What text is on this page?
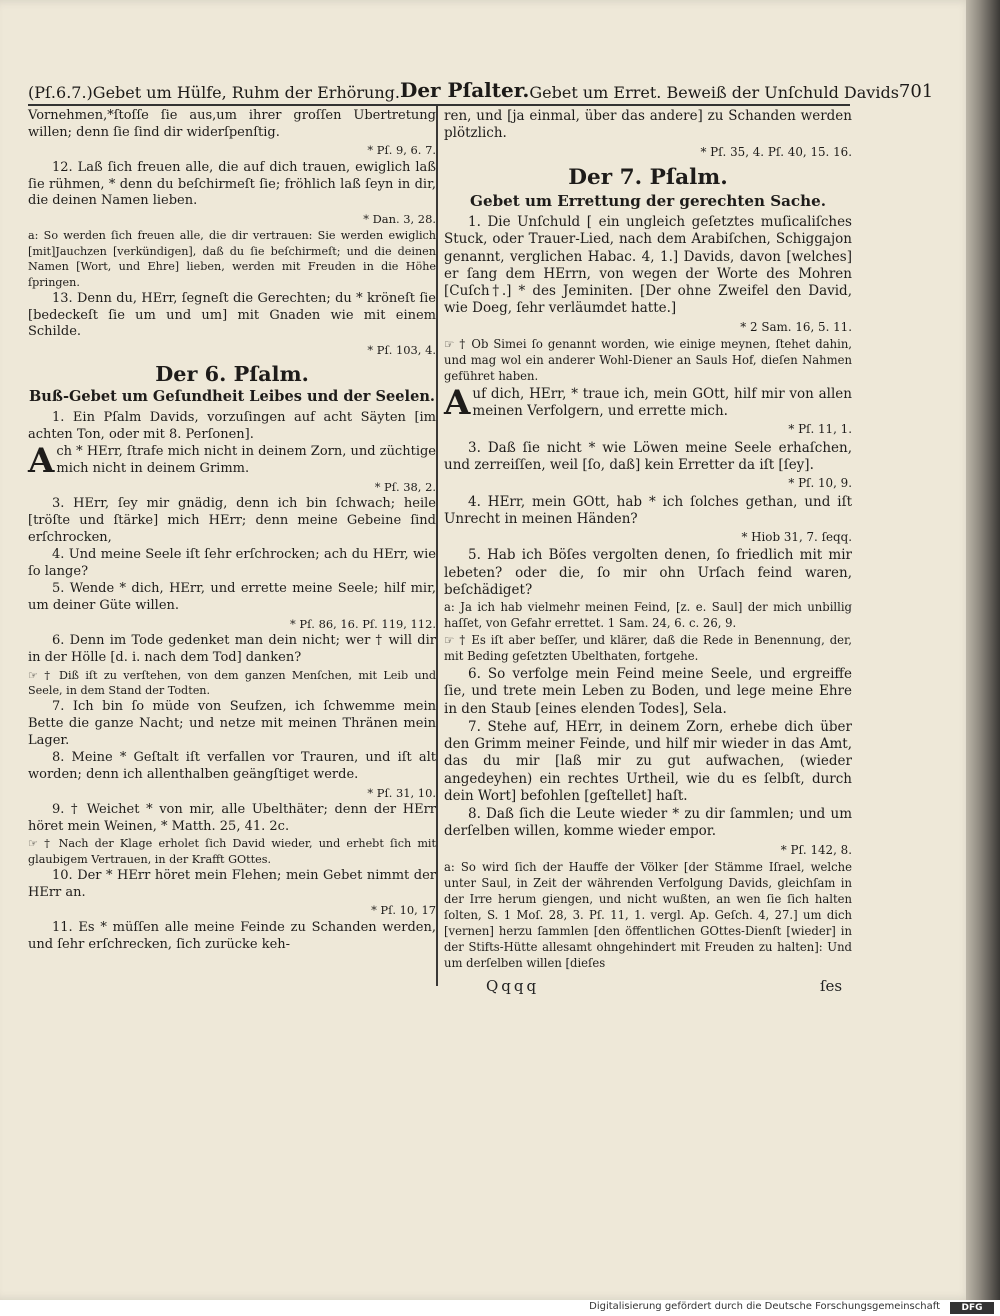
(Pſ.6.7.)Gebet um Hülfe, Ruhm der Erhörung. Der Pſalter. Gebet um Erret. Beweiß der Unſchuld Davids 701

Vornehmen,*ſtoſſe ſie aus,um ihrer groſſen Ubertretung willen; denn ſie ſind dir widerſpenſtig.

* Pſ. 9, 6. 7.

12. Laß ſich freuen alle, die auf dich trauen, ewiglich laß ſie rühmen, * denn du beſchirmeſt ſie; fröhlich laß ſeyn in dir, die deinen Namen lieben.

* Dan. 3, 28.

a: So werden ſich freuen alle, die dir vertrauen: Sie werden ewiglich [mit]Jauchzen [verkündigen], daß du ſie beſchirmeſt; und die deinen Namen [Wort, und Ehre] lieben, werden mit Freuden in die Höhe ſpringen.

13. Denn du, HErr, ſegneſt die Gerechten; du * kröneſt ſie [bedeckeſt ſie um und um] mit Gnaden wie mit einem Schilde.

* Pſ. 103, 4.

Der 6. Pſalm.
Buß-Gebet um Geſundheit Leibes und der Seelen.

1. Ein Pſalm Davids, vorzuſingen auf acht Säyten [im achten Ton, oder mit 8. Perſonen].

Ach * HErr, ſtrafe mich nicht in deinem Zorn, und züchtige mich nicht in deinem Grimm.

* Pſ. 38, 2.

3. HErr, ſey mir gnädig, denn ich bin ſchwach; heile [tröſte und ſtärke] mich HErr; denn meine Gebeine ſind erſchrocken,

4. Und meine Seele iſt ſehr erſchrocken; ach du HErr, wie ſo lange?

5. Wende * dich, HErr, und errette meine Seele; hilf mir, um deiner Güte willen.

* Pſ. 86, 16. Pſ. 119, 112.

6. Denn im Tode gedenket man dein nicht; wer † will dir in der Hölle [d. i. nach dem Tod] danken?

☞ † Diß iſt zu verſtehen, von dem ganzen Menſchen, mit Leib und Seele, in dem Stand der Todten.

7. Ich bin ſo müde von Seufzen, ich ſchwemme mein Bette die ganze Nacht; und netze mit meinen Thränen mein Lager.

8. Meine * Geſtalt iſt verfallen vor Trauren, und iſt alt worden; denn ich allenthalben geängſtiget werde.

* Pſ. 31, 10.

9. † Weichet * von mir, alle Ubelthäter; denn der HErr höret mein Weinen, * Matth. 25, 41. 2c.

☞ † Nach der Klage erholet ſich David wieder, und erhebt ſich mit glaubigem Vertrauen, in der Krafft GOttes.

10. Der * HErr höret mein Flehen; mein Gebet nimmt der HErr an.

* Pſ. 10, 17

11. Es * müſſen alle meine Feinde zu Schanden werden, und ſehr erſchrecken, ſich zurücke keh-

ren, und [ja einmal, über das andere] zu Schanden werden plötzlich.

* Pſ. 35, 4. Pſ. 40, 15. 16.

Der 7. Pſalm.
Gebet um Errettung der gerechten Sache.

1. Die Unſchuld [ ein ungleich geſetztes muſicaliſches Stuck, oder Trauer-Lied, nach dem Arabiſchen, Schiggajon genannt, verglichen Habac. 4, 1.] Davids, davon [welches] er ſang dem HErrn, von wegen der Worte des Mohren [Cuſch†.] * des Jeminiten. [Der ohne Zweifel den David, wie Doeg, ſehr verläumdet hatte.]

* 2 Sam. 16, 5. 11.

☞ † Ob Simei ſo genannt worden, wie einige meynen, ſtehet dahin, und mag wol ein anderer Wohl-Diener an Sauls Hof, dieſen Nahmen geführet haben.

Auf dich, HErr, * traue ich, mein GOtt, hilf mir von allen meinen Verfolgern, und errette mich.

* Pſ. 11, 1.

3. Daß ſie nicht * wie Löwen meine Seele erhaſchen, und zerreiſſen, weil [ſo, daß] kein Erretter da iſt [ſey].

* Pſ. 10, 9.

4. HErr, mein GOtt, hab * ich ſolches gethan, und iſt Unrecht in meinen Händen?

* Hiob 31, 7. ſeqq.

5. Hab ich Böſes vergolten denen, ſo friedlich mit mir lebeten? oder die, ſo mir ohn Urſach feind waren, beſchädiget?

a: Ja ich hab vielmehr meinen Feind, [z. e. Saul] der mich unbillig haſſet, von Gefahr errettet. 1 Sam. 24, 6. c. 26, 9.

☞ † Es iſt aber beſſer, und klärer, daß die Rede in Benennung, der, mit Beding geſetzten Ubelthaten, fortgehe.

6. So verfolge mein Feind meine Seele, und ergreiffe ſie, und trete mein Leben zu Boden, und lege meine Ehre in den Staub [eines elenden Todes], Sela.

7. Stehe auf, HErr, in deinem Zorn, erhebe dich über den Grimm meiner Feinde, und hilf mir wieder in das Amt, das du mir [laß mir zu gut aufwachen, (wieder angedeyhen) ein rechtes Urtheil, wie du es ſelbſt, durch dein Wort] befohlen [geſtellet] haſt.

8. Daß ſich die Leute wieder * zu dir ſammlen; und um derſelben willen, komme wieder empor.

* Pſ. 142, 8.

a: So wird ſich der Hauffe der Völker [der Stämme Iſrael, welche unter Saul, in Zeit der währenden Verfolgung Davids, gleichſam in der Irre herum giengen, und nicht wußten, an wen ſie ſich halten ſolten, S. 1 Moſ. 28, 3. Pſ. 11, 1. vergl. Ap. Geſch. 4, 27.] um dich [vernen] herzu ſammlen [den öffentlichen GOttes-Dienſt [wieder] in der Stifts-Hütte allesamt ohngehindert mit Freuden zu halten]: Und um derſelben willen [dieſes

Digitalisierung gefördert durch die Deutsche Forschungsgemeinschaft	DFG
Qqqq	ſes
